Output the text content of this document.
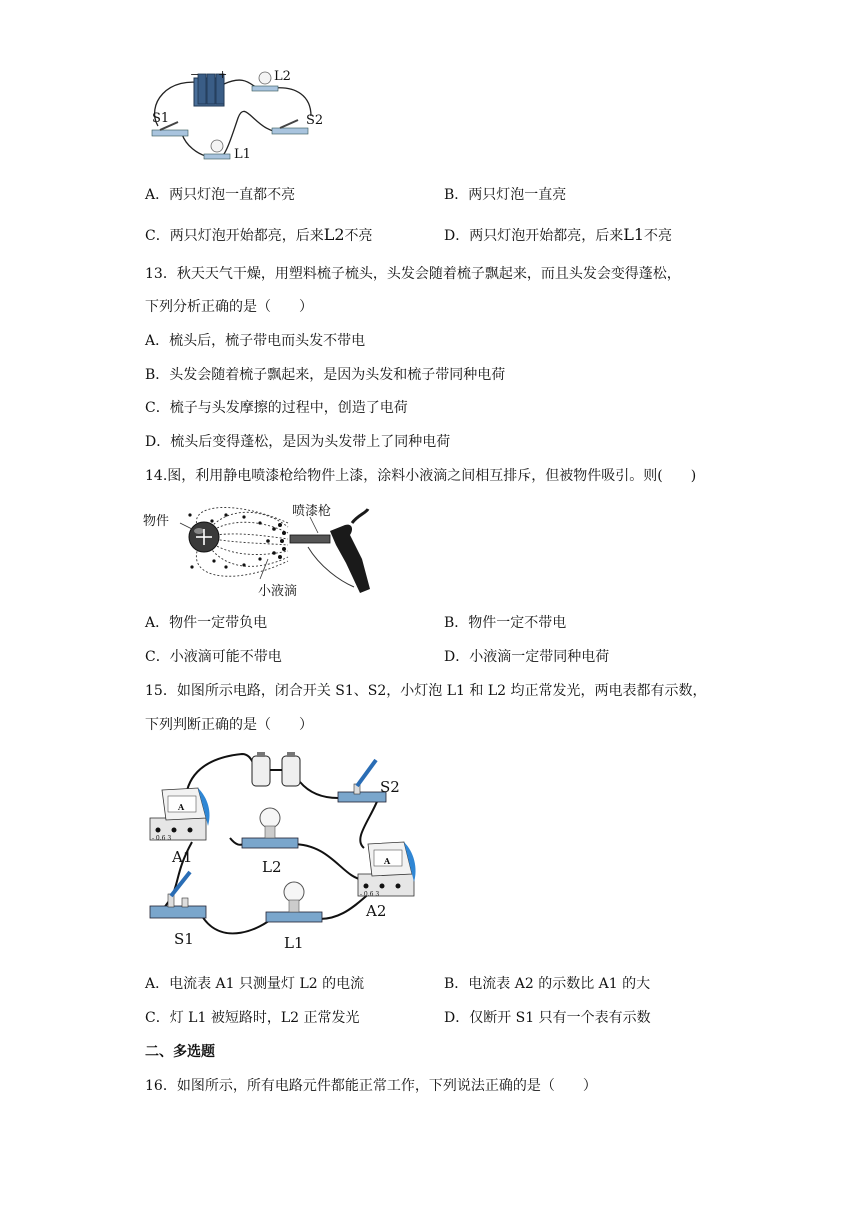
+
−	L2
S1	S2
L1
A．两只灯泡一直都不亮	B．两只灯泡一直亮
C．两只灯泡开始都亮，后来L2不亮	D．两只灯泡开始都亮，后来L1不亮
13．秋天天气干燥，用塑料梳子梳头，头发会随着梳子飘起来，而且头发会变得蓬松，
下列分析正确的是（　　）
A．梳头后，梳子带电而头发不带电
B．头发会随着梳子飘起来，是因为头发和梳子带同种电荷
C．梳子与头发摩擦的过程中，创造了电荷
D．梳头后变得蓬松，是因为头发带上了同种电荷
14.图，利用静电喷漆枪给物件上漆，涂料小液滴之间相互排斥，但被物件吸引。则(　　)
物件
喷漆枪
小液滴
A．物件一定带负电	B．物件一定不带电
C．小液滴可能不带电	D．小液滴一定带同种电荷
15．如图所示电路，闭合开关 S1、S2，小灯泡 L1 和 L2 均正常发光，两电表都有示数，
下列判断正确的是（　　）
S2
A
- 0.6 3
A1
L2	A
- 0.6 3
A2
S1	L1
A．电流表 A1 只测量灯 L2 的电流	B．电流表 A2 的示数比 A1 的大
C．灯 L1 被短路时，L2 正常发光	D．仅断开 S1 只有一个表有示数
二、多选题
16．如图所示，所有电路元件都能正常工作，下列说法正确的是（　　）
